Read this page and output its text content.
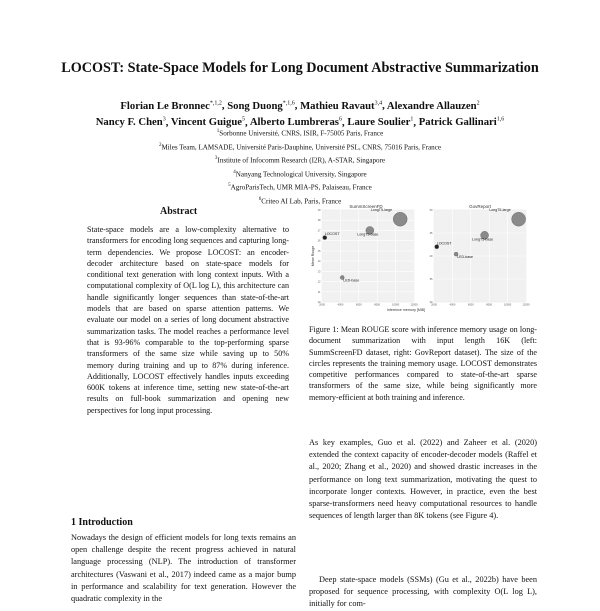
LOCOST: State-Space Models for Long Document Abstractive Summarization
Florian Le Bronnec$^{*,1,2}$, Song Duong$^{*,1,6}$, Mathieu Ravaut$^{3,4}$, Alexandre Allauzen$^2$
Nancy F. Chen$^3$, Vincent Guigue$^5$, Alberto Lumbreras$^6$, Laure Soulier$^1$, Patrick Gallinari$^{1,6}$
$^1$Sorbonne Université, CNRS, ISIR, F-75005 Paris, France
$^2$Miles Team, LAMSADE, Université Paris-Dauphine, Université PSL, CNRS, 75016 Paris, France
$^3$Institute of Infocomm Research (I2R), A-STAR, Singapore
$^4$Nanyang Technological University, Singapore
$^5$AgroParisTech, UMR MIA-PS, Palaiseau, France
$^6$Criteo AI Lab, Paris, France
Abstract

State-space models are a low-complexity alternative to transformers for encoding long sequences and capturing long-term dependencies. We propose LOCOST: an encoder-decoder architecture based on state-space models for conditional text generation with long context inputs. With a computational complexity of O(L log L), this architecture can handle significantly longer sequences than state-of-the-art models that are based on sparse attention patterns. We evaluate our model on a series of long document abstractive summarization tasks. The model reaches a performance level that is 93-96% comparable to the top-performing sparse transformers of the same size while saving up to 50% memory during training and up to 87% during inference. Additionally, LOCOST effectively handles inputs exceeding 600K tokens at inference time, setting new state-of-the-art results on full-book summarization and opening new perspectives for long input processing.

1 Introduction

Nowadays the design of efficient models for long texts remains an open challenge despite the recent progress achieved in natural language processing (NLP). The introduction of transformer architectures (Vaswani et al., 2017) indeed came as a major bump in performance and scalability for text generation. However the quadratic complexity in the

SummScreenFD
Mean Rouge
Inference memory [MiB]
10
11
12
13
14
15
16
17
18
19
2000	4000	6000	8000	10000	12000
LOCOST	LongT5-base
LongT5-large
LED-base
GovReport
30
35
40
45
50
2000	4000	6000	8000	10000	12000
LOCOST
LongT5-base
LongT5-large
LED-base
Figure 1: Mean ROUGE score with inference memory usage on long-document summarization with input length 16K (left: SummScreenFD dataset, right: GovReport dataset). The size of the circles represents the training memory usage. LOCOST demonstrates competitive performances compared to state-of-the-art sparse transformers of the same size, while being significantly more memory-efficient at both training and inference.

As key examples, Guo et al. (2022) and Zaheer et al. (2020) extended the context capacity of encoder-decoder models (Raffel et al., 2020; Zhang et al., 2020) and showed drastic increases in the performance on long text summarization, motivating the quest to incorporate longer contexts. However, in practice, even the best sparse-transformers need heavy computational resources to handle sequences of length larger than 8K tokens (see Figure 4).

Deep state-space models (SSMs) (Gu et al., 2022b) have been proposed for sequence processing, with complexity O(L log L), initially for com-
